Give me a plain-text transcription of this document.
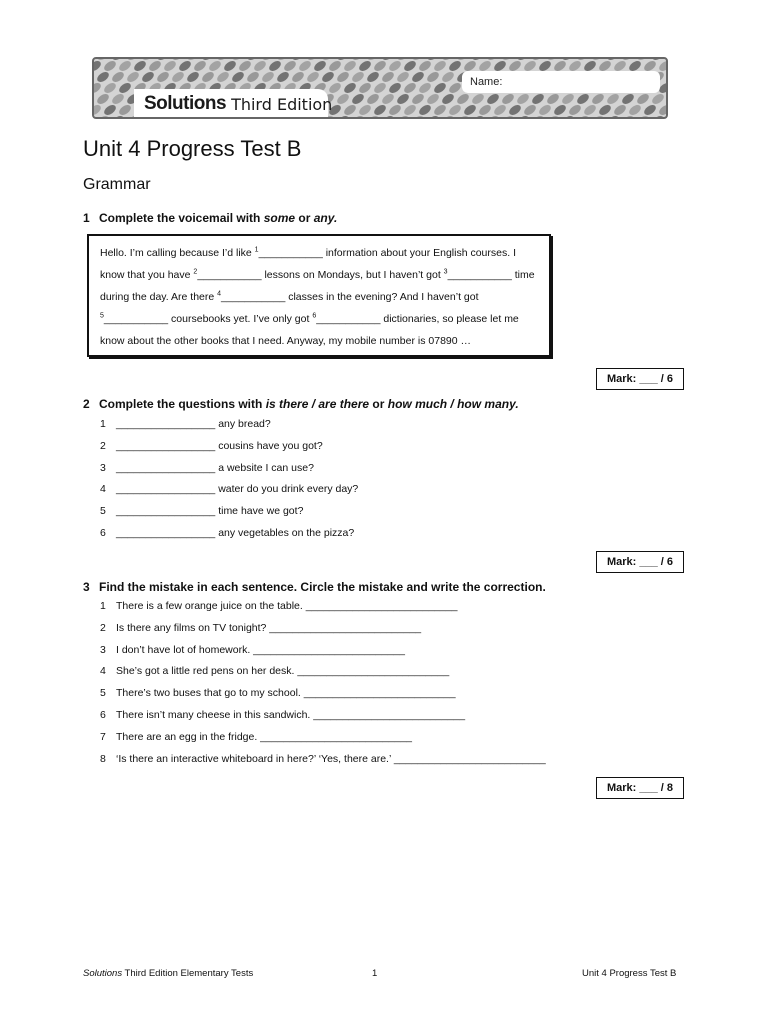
Solutions Third Edition
Name:
Unit 4 Progress Test B
Grammar

1 Complete the voicemail with some or any.

Hello. I’m calling because I’d like $^1$___________ information about your English courses. I
know that you have $^2$___________ lessons on Mondays, but I haven’t got $^3$___________ time
during the day. Are there $^4$___________ classes in the evening? And I haven’t got
$^5$___________ coursebooks yet. I’ve only got $^6$___________ dictionaries, so please let me
know about the other books that I need. Anyway, my mobile number is 07890 …
Mark: ___ / 6

2 Complete the questions with is there / are there or how much / how many.

1 _________________ any bread?
2 _________________ cousins have you got?
3 _________________ a website I can use?
4 _________________ water do you drink every day?
5 _________________ time have we got?
6 _________________ any vegetables on the pizza?
Mark: ___ / 6

3 Find the mistake in each sentence. Circle the mistake and write the correction.

1 There is a few orange juice on the table. __________________________
2 Is there any films on TV tonight? __________________________
3 I don’t have lot of homework. __________________________
4 She’s got a little red pens on her desk. __________________________
5 There’s two buses that go to my school. __________________________
6 There isn’t many cheese in this sandwich. __________________________
7 There are an egg in the fridge. __________________________
8 ‘Is there an interactive whiteboard in here?’ ‘Yes, there are.’ __________________________
Mark: ___ / 8
Solutions Third Edition Elementary Tests	1	Unit 4 Progress Test B
